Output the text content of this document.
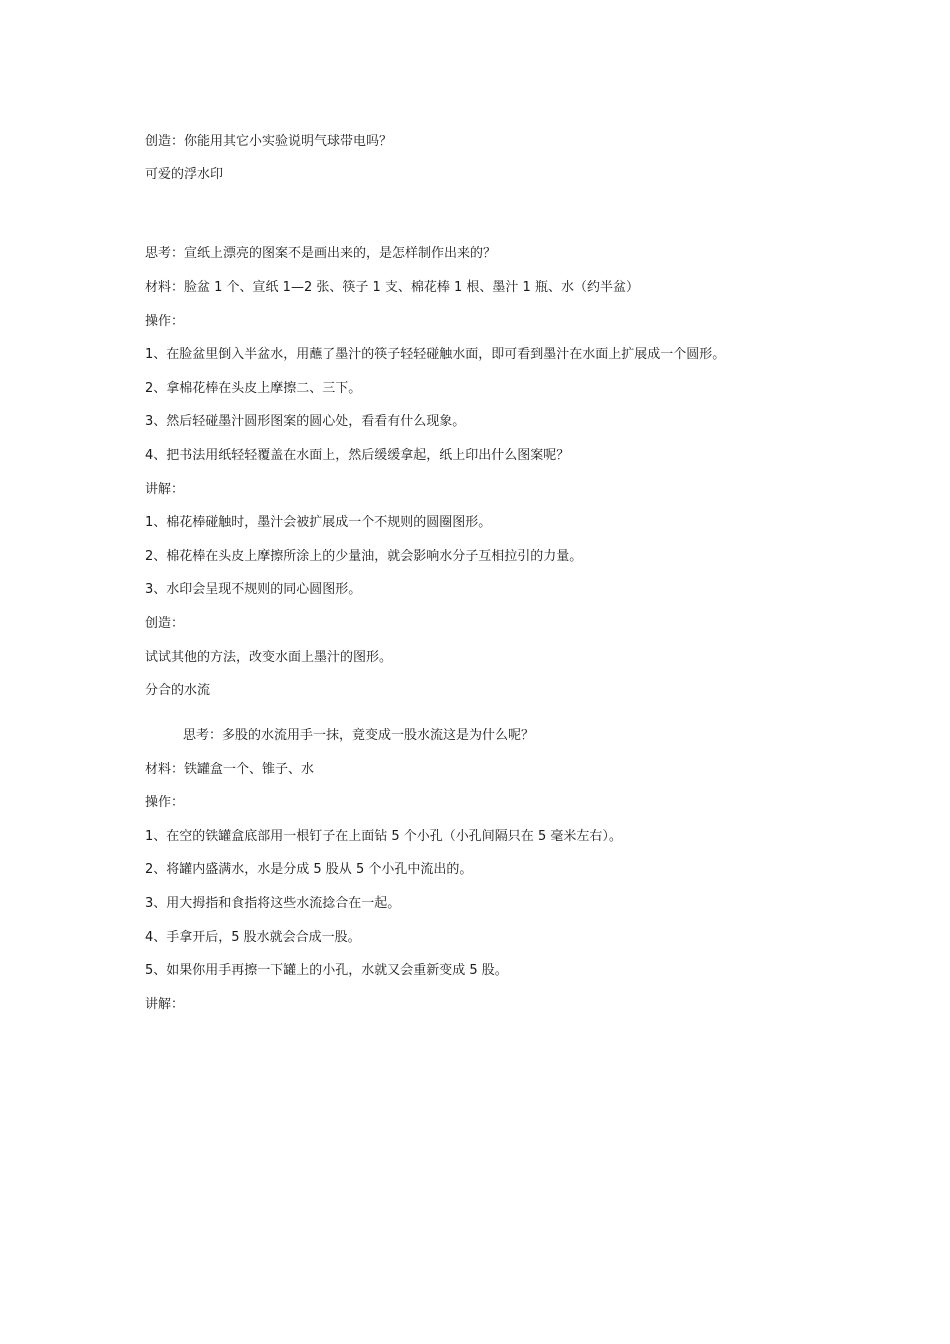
创造：你能用其它小实验说明气球带电吗？
可爱的浮水印
思考：宣纸上漂亮的图案不是画出来的，是怎样制作出来的？
材料：脸盆 1 个、宣纸 1—2 张、筷子 1 支、棉花棒 1 根、墨汁 1 瓶、水（约半盆）
操作：
1、在脸盆里倒入半盆水，用蘸了墨汁的筷子轻轻碰触水面，即可看到墨汁在水面上扩展成一个圆形。
2、拿棉花棒在头皮上摩擦二、三下。
3、然后轻碰墨汁圆形图案的圆心处，看看有什么现象。
4、把书法用纸轻轻覆盖在水面上，然后缓缓拿起，纸上印出什么图案呢？
讲解：
1、棉花棒碰触时，墨汁会被扩展成一个不规则的圆圈图形。
2、棉花棒在头皮上摩擦所涂上的少量油，就会影响水分子互相拉引的力量。
3、水印会呈现不规则的同心圆图形。
创造：
试试其他的方法，改变水面上墨汁的图形。
分合的水流
思考：多股的水流用手一抹，竟变成一股水流这是为什么呢？
材料：铁罐盒一个、锥子、水
操作：
1、在空的铁罐盒底部用一根钉子在上面钻 5 个小孔（小孔间隔只在 5 毫米左右）。
2、将罐内盛满水，水是分成 5 股从 5 个小孔中流出的。
3、用大拇指和食指将这些水流捻合在一起。
4、手拿开后，5 股水就会合成一股。
5、如果你用手再擦一下罐上的小孔，水就又会重新变成 5 股。
讲解：
